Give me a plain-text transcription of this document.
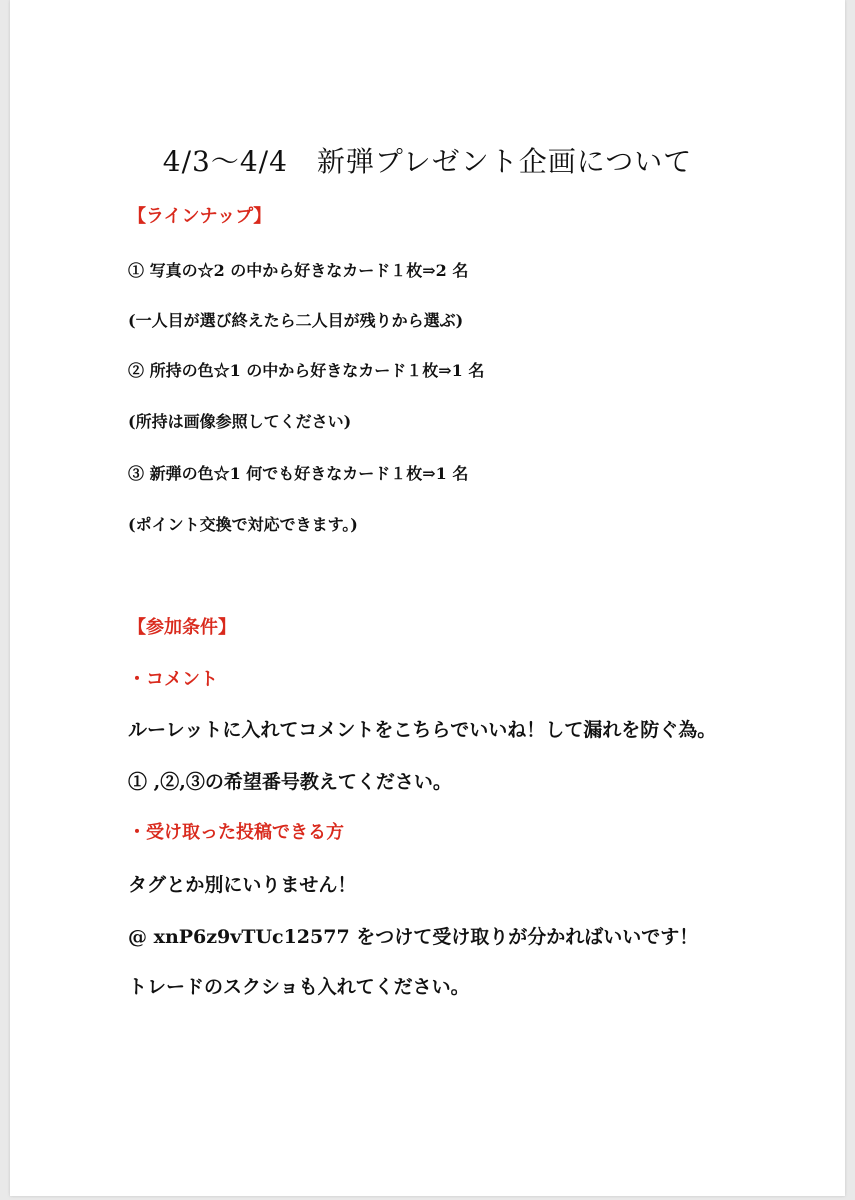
4/3〜4/4　新弾プレゼント企画について
【ラインナップ】
① 写真の☆2 の中から好きなカード１枚⇒2 名
(一人目が選び終えたら二人目が残りから選ぶ)
② 所持の色☆1 の中から好きなカード１枚⇒1 名
(所持は画像参照してください)
③ 新弾の色☆1 何でも好きなカード１枚⇒1 名
(ポイント交換で対応できます。)
【参加条件】
・コメント
ルーレットに入れてコメントをこちらでいいね！して漏れを防ぐ為。
① ,②,③の希望番号教えてください。
・受け取った投稿できる方
タグとか別にいりません！
@ xnP6z9vTUc12577 をつけて受け取りが分かればいいです！
トレードのスクショも入れてください。
